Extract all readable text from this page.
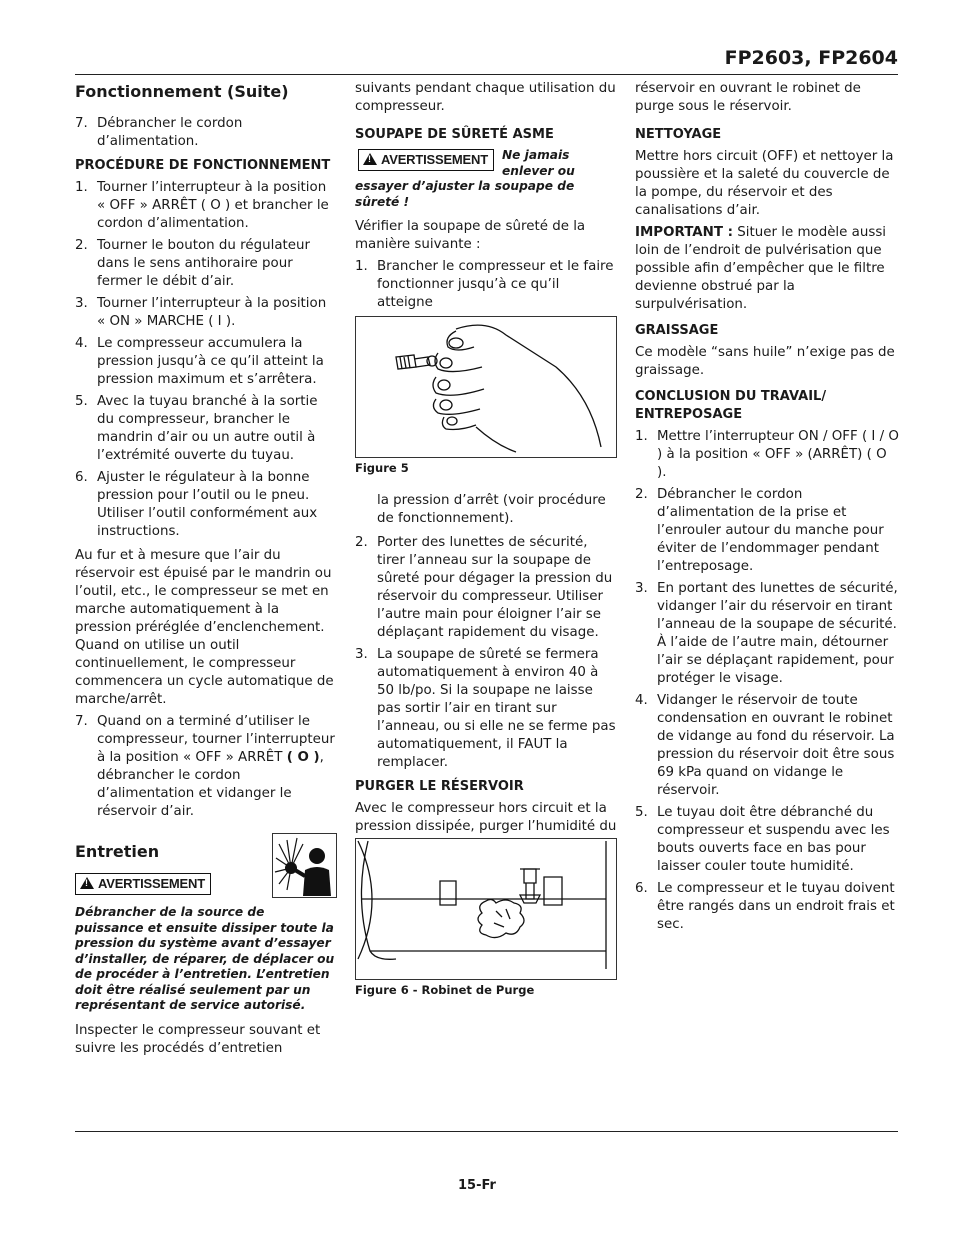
FP2603, FP2604
Fonctionnement (Suite)
7. Débrancher le cordon d’alimentation.
PROCÉDURE DE FONCTIONNEMENT
1. Tourner l’interrupteur à la position « OFF » ARRÊT ( O ) et brancher le cordon d’alimentation.
2. Tourner le bouton du régulateur dans le sens antihoraire pour fermer le débit d’air.
3. Tourner l’interrupteur à la position « ON » MARCHE ( I ).
4. Le compresseur accumulera la pression jusqu’à ce qu’il atteint la pression maximum et s’arrêtera.
5. Avec la tuyau branché à la sortie du compresseur, brancher le mandrin d’air ou un autre outil à l’extrémité ouverte du tuyau.
6. Ajuster le régulateur à la bonne pression pour l’outil ou le pneu. Utiliser l’outil conformément aux instructions.

Au fur et à mesure que l’air du réservoir est épuisé par le mandrin ou l’outil, etc., le compresseur se met en marche automatiquement à la pression préréglée d’enclenchement. Quand on utilise un outil continuellement, le compresseur commencera un cycle automatique de marche/arrêt.

7. Quand on a terminé d’utiliser le compresseur, tourner l’interrupteur à la position « OFF » ARRÊT ( O ), débrancher le cordon d’alimentation et vidanger le réservoir d’air.
Entretien
!AVERTISSEMENT

Débrancher de la source de puissance et ensuite dissiper toute la pression du système avant d’essayer d’installer, de réparer, de déplacer ou de procéder à l’entretien. L’entretien doit être réalisé seulement par un représentant de service autorisé.

Inspecter le compresseur souvant et suivre les procédés d’entretien

suivants pendant chaque utilisation du compresseur.

SOUPAPE DE SÛRETÉ ASME
!AVERTISSEMENT	Ne jamais enlever ou essayer d’ajuster la soupape de sûreté !

Vérifier la soupape de sûreté de la manière suivante :

1. Brancher le compresseur et le faire fonctionner jusqu’à ce qu’il atteigne

Figure 5

la pression d’arrêt (voir procédure de fonctionnement).

2. Porter des lunettes de sécurité, tirer l’anneau sur la soupape de sûreté pour dégager la pression du réservoir du compresseur. Utiliser l’autre main pour éloigner l’air se déplaçant rapidement du visage.
3. La soupape de sûreté se fermera automatiquement à environ 40 à 50 lb/po. Si la soupape ne laisse pas sortir l’air en tirant sur l’anneau, ou si elle ne se ferme pas automatiquement, il FAUT la remplacer.
PURGER LE RÉSERVOIR

Avec le compresseur hors circuit et la pression dissipée, purger l’humidité du

Figure 6 - Robinet de Purge

réservoir en ouvrant le robinet de purge sous le réservoir.

NETTOYAGE

Mettre hors circuit (OFF) et nettoyer la poussière et la saleté du couvercle de la pompe, du réservoir et des canalisations d’air.

IMPORTANT : Situer le modèle aussi loin de l’endroit de pulvérisation que possible afin d’empêcher que le filtre devienne obstrué par la surpulvérisation.

GRAISSAGE

Ce modèle “sans huile” n’exige pas de graissage.

CONCLUSION DU TRAVAIL/ ENTREPOSAGE
1. Mettre l’interrupteur ON / OFF ( I / O ) à la position « OFF » (ARRÊT) ( O ).
2. Débrancher le cordon d’alimentation de la prise et l’enrouler autour du manche pour éviter de l’endommager pendant l’entreposage.
3. En portant des lunettes de sécurité, vidanger l’air du réservoir en tirant l’anneau de la soupape de sécurité. À l’aide de l’autre main, détourner l’air se déplaçant rapidement, pour protéger le visage.
4. Vidanger le réservoir de toute condensation en ouvrant le robinet de vidange au fond du réservoir. La pression du réservoir doit être sous 69 kPa quand on vidange le réservoir.
5. Le tuyau doit être débranché du compresseur et suspendu avec les bouts ouverts face en bas pour laisser couler toute humidité.
6. Le compresseur et le tuyau doivent être rangés dans un endroit frais et sec.
15-Fr
